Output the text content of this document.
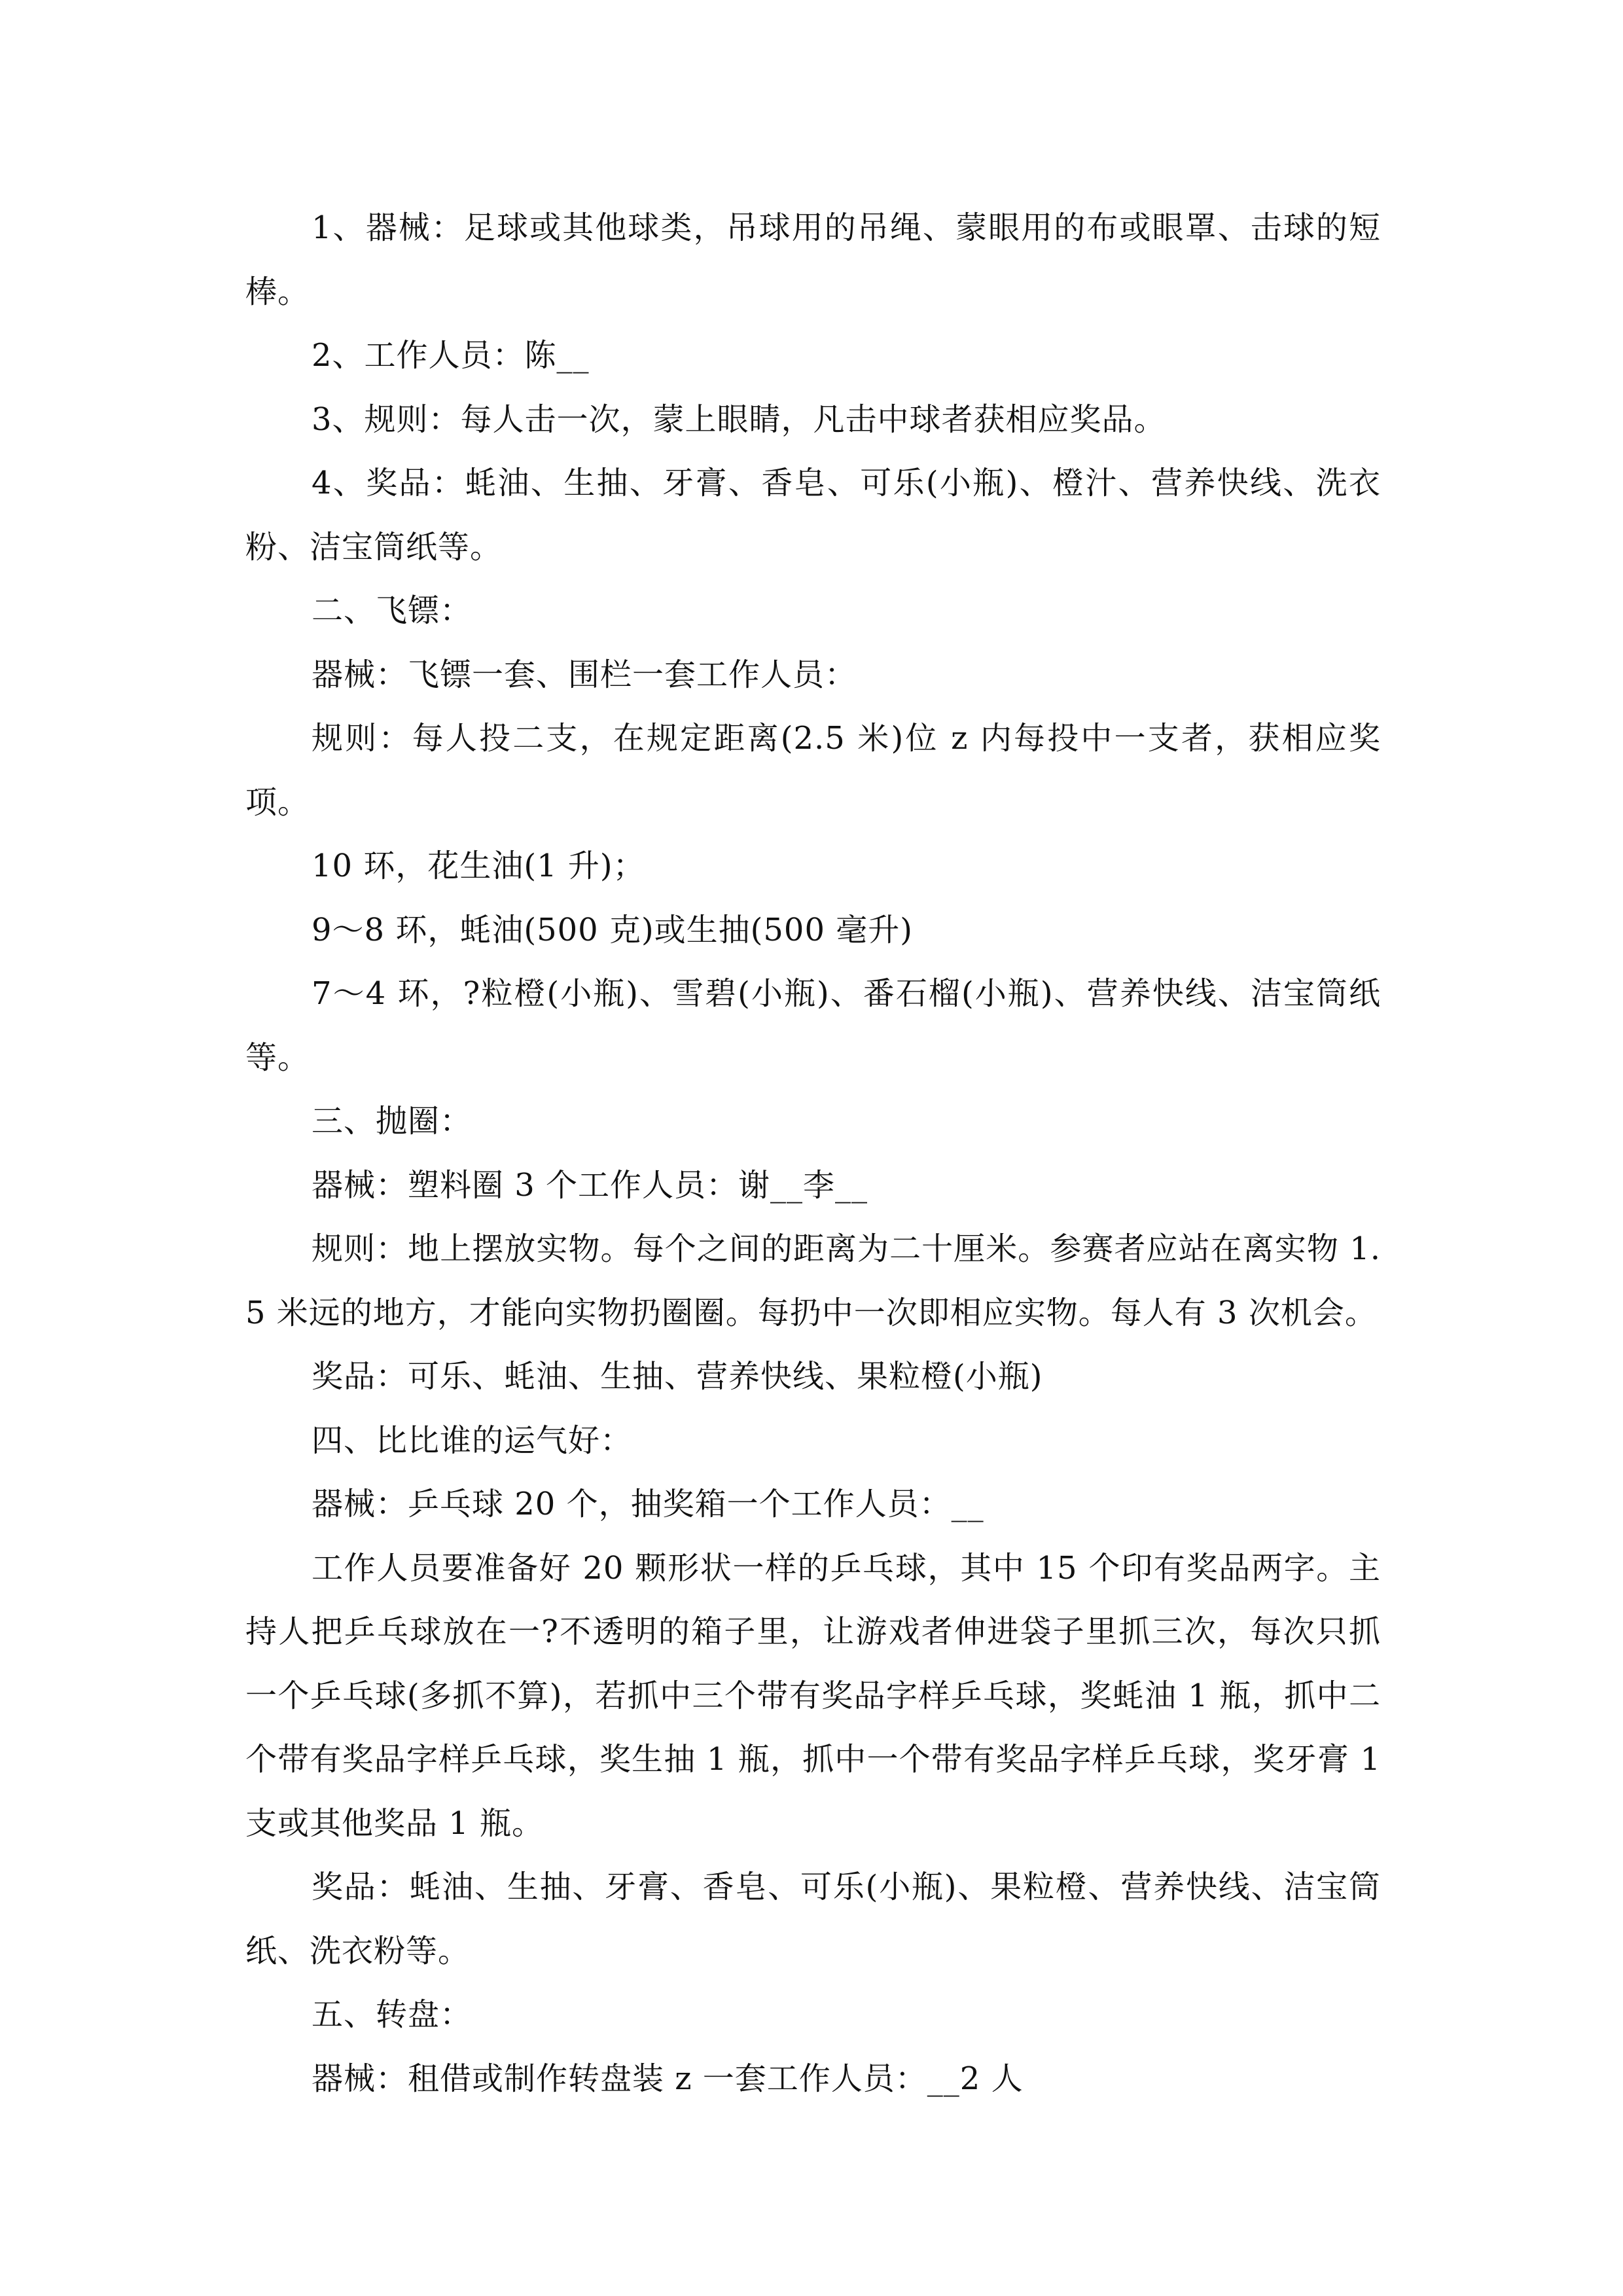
1、器械：足球或其他球类，吊球用的吊绳、蒙眼用的布或眼罩、击球的短棒。

2、工作人员：陈__

3、规则：每人击一次，蒙上眼睛，凡击中球者获相应奖品。

4、奖品：蚝油、生抽、牙膏、香皂、可乐(小瓶)、橙汁、营养快线、洗衣粉、洁宝筒纸等。

二、飞镖：

器械：飞镖一套、围栏一套工作人员：

规则：每人投二支，在规定距离(2.5 米)位 z 内每投中一支者，获相应奖项。

10 环，花生油(1 升)；

9～8 环，蚝油(500 克)或生抽(500 毫升)

7～4 环，?粒橙(小瓶)、雪碧(小瓶)、番石榴(小瓶)、营养快线、洁宝筒纸等。

三、抛圈：

器械：塑料圈 3 个工作人员：谢__李__

规则：地上摆放实物。每个之间的距离为二十厘米。参赛者应站在离实物 1.5 米远的地方，才能向实物扔圈圈。每扔中一次即相应实物。每人有 3 次机会。

奖品：可乐、蚝油、生抽、营养快线、果粒橙(小瓶)

四、比比谁的运气好：

器械：乒乓球 20 个，抽奖箱一个工作人员：__

工作人员要准备好 20 颗形状一样的乒乓球，其中 15 个印有奖品两字。主持人把乒乓球放在一?不透明的箱子里，让游戏者伸进袋子里抓三次，每次只抓一个乒乓球(多抓不算)，若抓中三个带有奖品字样乒乓球，奖蚝油 1 瓶，抓中二个带有奖品字样乒乓球，奖生抽 1 瓶，抓中一个带有奖品字样乒乓球，奖牙膏 1 支或其他奖品 1 瓶。

奖品：蚝油、生抽、牙膏、香皂、可乐(小瓶)、果粒橙、营养快线、洁宝筒纸、洗衣粉等。

五、转盘：

器械：租借或制作转盘装 z 一套工作人员：__2 人
